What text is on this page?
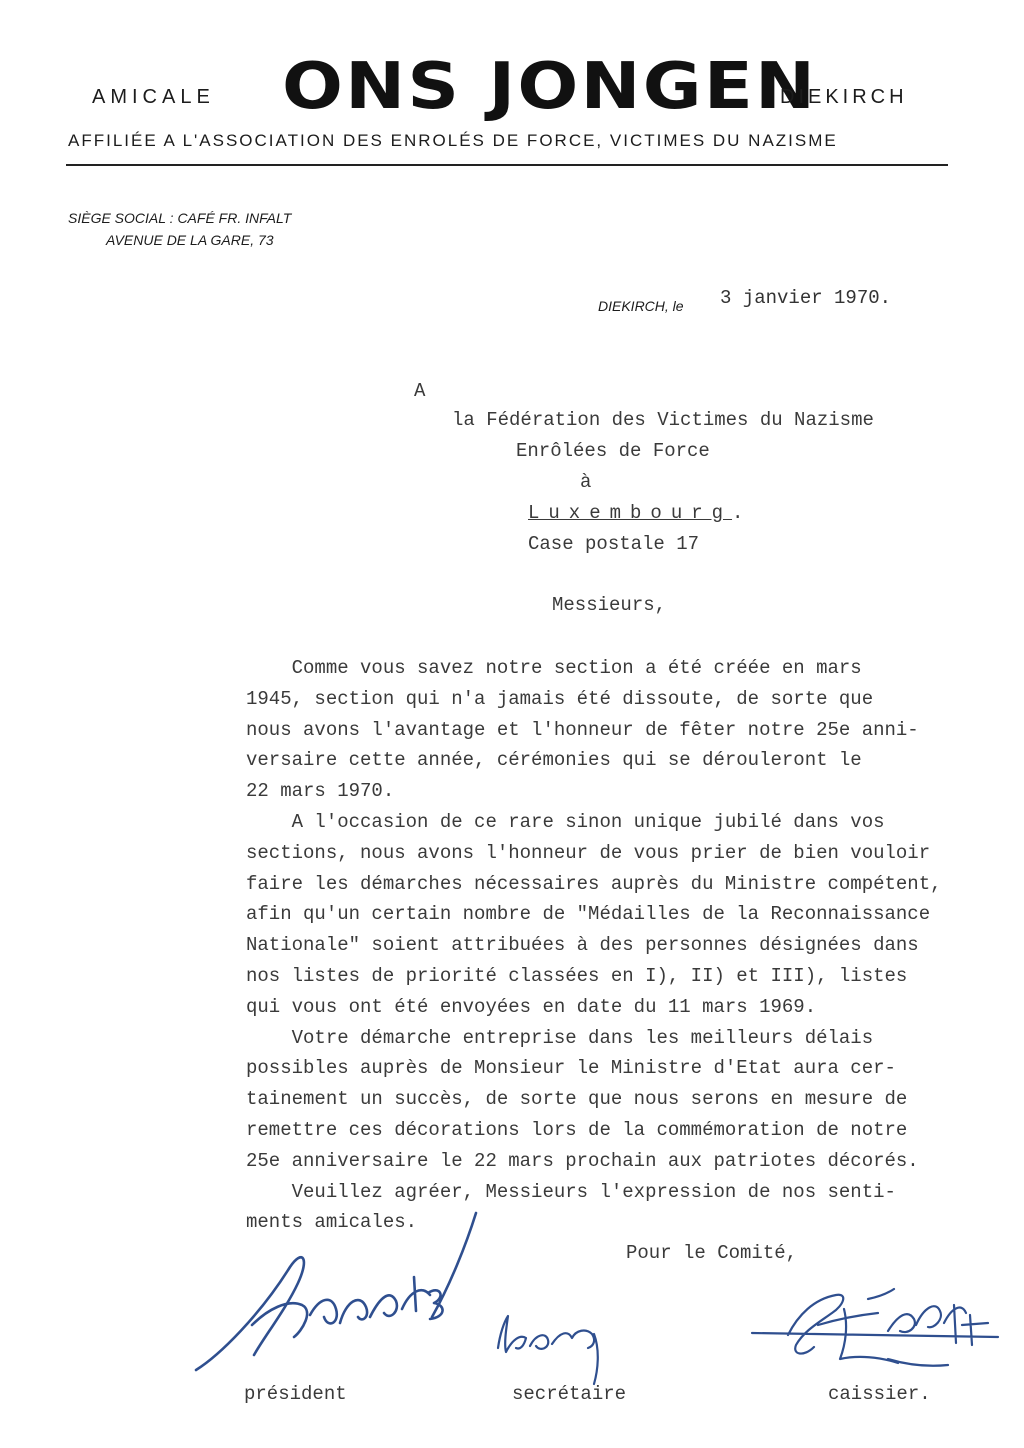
AMICALE ONS JONGEN
DIEKIRCH
AFFILIÉE A L'ASSOCIATION DES ENROLÉS DE FORCE, VICTIMES DU NAZISME
SIÈGE SOCIAL : CAFÉ FR. INFALT
AVENUE DE LA GARE, 73
DIEKIRCH, le 3 janvier 1970.
A
la Fédération des Victimes du Nazisme
Enrôlées de Force
à
Luxembourg.
Case postale 17
Messieurs,
Comme vous savez notre section a été créée en mars
1945, section qui n'a jamais été dissoute, de sorte que
nous avons l'avantage et l'honneur de fêter notre 25e anni-
versaire cette année, cérémonies qui se dérouleront le
22 mars 1970.
A l'occasion de ce rare sinon unique jubilé dans vos
sections, nous avons l'honneur de vous prier de bien vouloir
faire les démarches nécessaires auprès du Ministre compétent,
afin qu'un certain nombre de "Médailles de la Reconnaissance
Nationale" soient attribuées à des personnes désignées dans
nos listes de priorité classées en I), II) et III), listes
qui vous ont été envoyées en date du 11 mars 1969.
Votre démarche entreprise dans les meilleurs délais
possibles auprès de Monsieur le Ministre d'Etat aura cer-
tainement un succès, de sorte que nous serons en mesure de
remettre ces décorations lors de la commémoration de notre
25e anniversaire le 22 mars prochain aux patriotes décorés.
Veuillez agréer, Messieurs l'expression de nos senti-
ments amicales.
Pour le Comité,
président	secrétaire	caissier.
